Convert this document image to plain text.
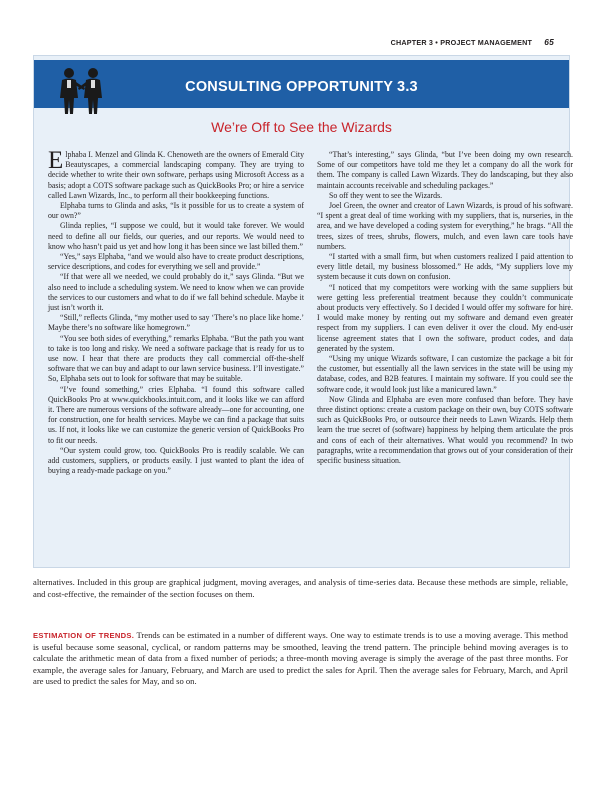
CHAPTER 3 • PROJECT MANAGEMENT 65
CONSULTING OPPORTUNITY 3.3
We’re Off to See the Wizards

Elphaba I. Menzel and Glinda K. Chenoweth are the owners of Emerald City Beautyscapes, a commercial landscaping company. They are trying to decide whether to write their own software, perhaps using Microsoft Access as a basis; adopt a COTS software package such as QuickBooks Pro; or hire a service called Lawn Wizards, Inc., to perform all their bookkeeping functions.

Elphaba turns to Glinda and asks, “Is it possible for us to create a system of our own?”

Glinda replies, “I suppose we could, but it would take forever. We would need to define all our fields, our queries, and our reports. We would need to know who hasn’t paid us yet and how long it has been since we last billed them.”

“Yes,” says Elphaba, “and we would also have to create product descriptions, service descriptions, and codes for everything we sell and provide.”

“If that were all we needed, we could probably do it,” says Glinda. “But we also need to include a scheduling system. We need to know when we can provide the services to our customers and what to do if we fall behind schedule. Maybe it just isn’t worth it.

“Still,” reflects Glinda, “my mother used to say ‘There’s no place like home.’ Maybe there’s no software like homegrown.”

“You see both sides of everything,” remarks Elphaba. “But the path you want to take is too long and risky. We need a software package that is ready for us to use now. I hear that there are products they call commercial off-the-shelf software that we can buy and adapt to our lawn service business. I’ll investigate.” So, Elphaba sets out to look for software that may be suitable.

“I’ve found something,” cries Elphaba. “I found this software called QuickBooks Pro at www.quickbooks.intuit.com, and it looks like we can afford it. There are numerous versions of the software already—one for accounting, one for construction, one for health services. Maybe we can find a package that suits us. If not, it looks like we can customize the generic version of QuickBooks Pro to fit our needs.

“Our system could grow, too. QuickBooks Pro is readily scalable. We can add customers, suppliers, or products easily. I just wanted to plant the idea of buying a ready-made package on you.”

“That’s interesting,” says Glinda, “but I’ve been doing my own research. Some of our competitors have told me they let a company do all the work for them. The company is called Lawn Wizards. They do landscaping, but they also maintain accounts receivable and scheduling packages.”

So off they went to see the Wizards.

Joel Green, the owner and creator of Lawn Wizards, is proud of his software. “I spent a great deal of time working with my suppliers, that is, nurseries, in the area, and we have developed a coding system for everything,” he brags. “All the trees, sizes of trees, shrubs, flowers, mulch, and even lawn care tools have numbers.

“I started with a small firm, but when customers realized I paid attention to every little detail, my business blossomed.” He adds, “My suppliers love my system because it cuts down on confusion.

“I noticed that my competitors were working with the same suppliers but were getting less preferential treatment because they couldn’t communicate about products very effectively. So I decided I would offer my software for hire. I would make money by renting out my software and demand even greater respect from my suppliers. I can even deliver it over the cloud. My end-user license agreement states that I own the software, product codes, and data generated by the system.

“Using my unique Wizards software, I can customize the package a bit for the customer, but essentially all the lawn services in the state will be using my database, codes, and B2B features. I maintain my software. If you could see the software code, it would look just like a manicured lawn.”

Now Glinda and Elphaba are even more confused than before. They have three distinct options: create a custom package on their own, buy COTS software such as QuickBooks Pro, or outsource their needs to Lawn Wizards. Help them learn the true secret of (software) happiness by helping them articulate the pros and cons of each of their alternatives. What would you recommend? In two paragraphs, write a recommendation that grows out of your consideration of their specific business situation.

alternatives. Included in this group are graphical judgment, moving averages, and analysis of time-series data. Because these methods are simple, reliable, and cost-effective, the remainder of the section focuses on them.

ESTIMATION OF TRENDS. Trends can be estimated in a number of different ways. One way to estimate trends is to use a moving average. This method is useful because some seasonal, cyclical, or random patterns may be smoothed, leaving the trend pattern. The principle behind moving averages is to calculate the arithmetic mean of data from a fixed number of periods; a three-month moving average is simply the average of the past three months. For example, the average sales for January, February, and March are used to predict the sales for April. Then the average sales for February, March, and April are used to predict the sales for May, and so on.
